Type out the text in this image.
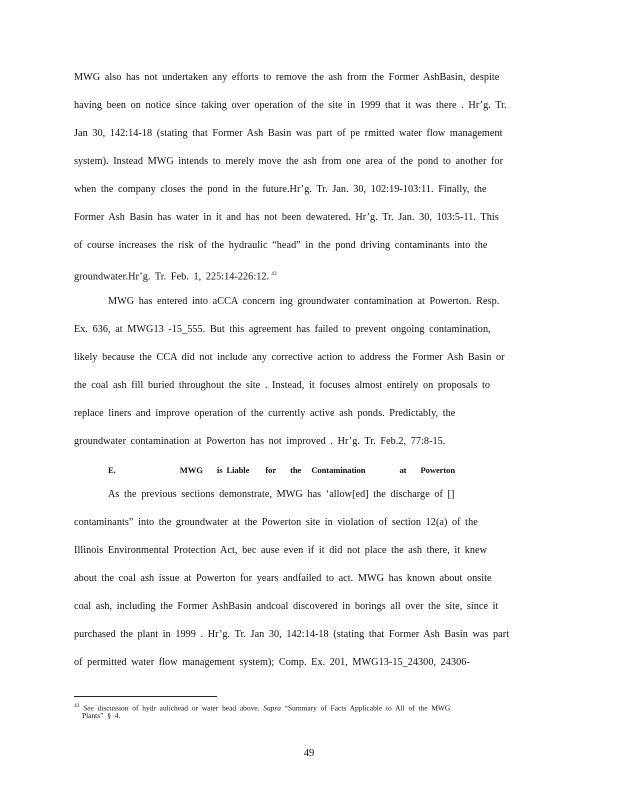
MWG also has not undertaken any efforts to remove the ash from the Former AshBasin, despite
having been on notice since taking over operation of the site in 1999 that it was there . Hr’g. Tr.
Jan 30, 142:14-18 (stating that Former Ash Basin was part of pe rmitted water flow management
system). Instead MWG intends to merely move the ash from one area of the pond to another for
when the company closes the pond in the future.Hr’g. Tr. Jan. 30, 102:19-103:11. Finally, the
Former Ash Basin has water in it and has not been dewatered. Hr’g. Tr. Jan. 30, 103:5-11. This
of course increases the risk of the hydraulic “head” in the pond driving contaminants into the
groundwater.Hr’g. Tr. Feb. 1, 225:14-226:12. $^{43}$
MWG has entered into aCCA concern ing groundwater contamination at Powerton. Resp.
Ex. 636, at MWG13 -15_555. But this agreement has failed to prevent ongoing contamination,
likely because the CCA did not include any corrective action to address the Former Ash Basin or
the coal ash fill buried throughout the site . Instead, it focuses almost entirely on proposals to
replace liners and improve operation of the currently active ash ponds. Predictably, the
groundwater contamination at Powerton has not improved . Hr’g. Tr. Feb.2, 77:8-15.
E.	MWG is Liable for the Contamination	at Powerton
As the previous sections demonstrate, MWG has ‘allow[ed] the discharge of []
contaminants” into the groundwater at the Powerton site in violation of section 12(a) of the
Illinois Environmental Protection Act, bec ause even if it did not place the ash there, it knew
about the coal ash issue at Powerton for years andfailed to act. MWG has known about onsite
coal ash, including the Former AshBasin andcoal discovered in borings all over the site, since it
purchased the plant in 1999 . Hr’g. Tr. Jan 30, 142:14-18 (stating that Former Ash Basin was part
of permitted water flow management system); Comp. Ex. 201, MWG13-15_24300, 24306-
$^{43}$ See discussion of hydr aulichead or water head above. Supra “Summary of Facts Applicable to All of the MWG
Plants” § 4.
49
